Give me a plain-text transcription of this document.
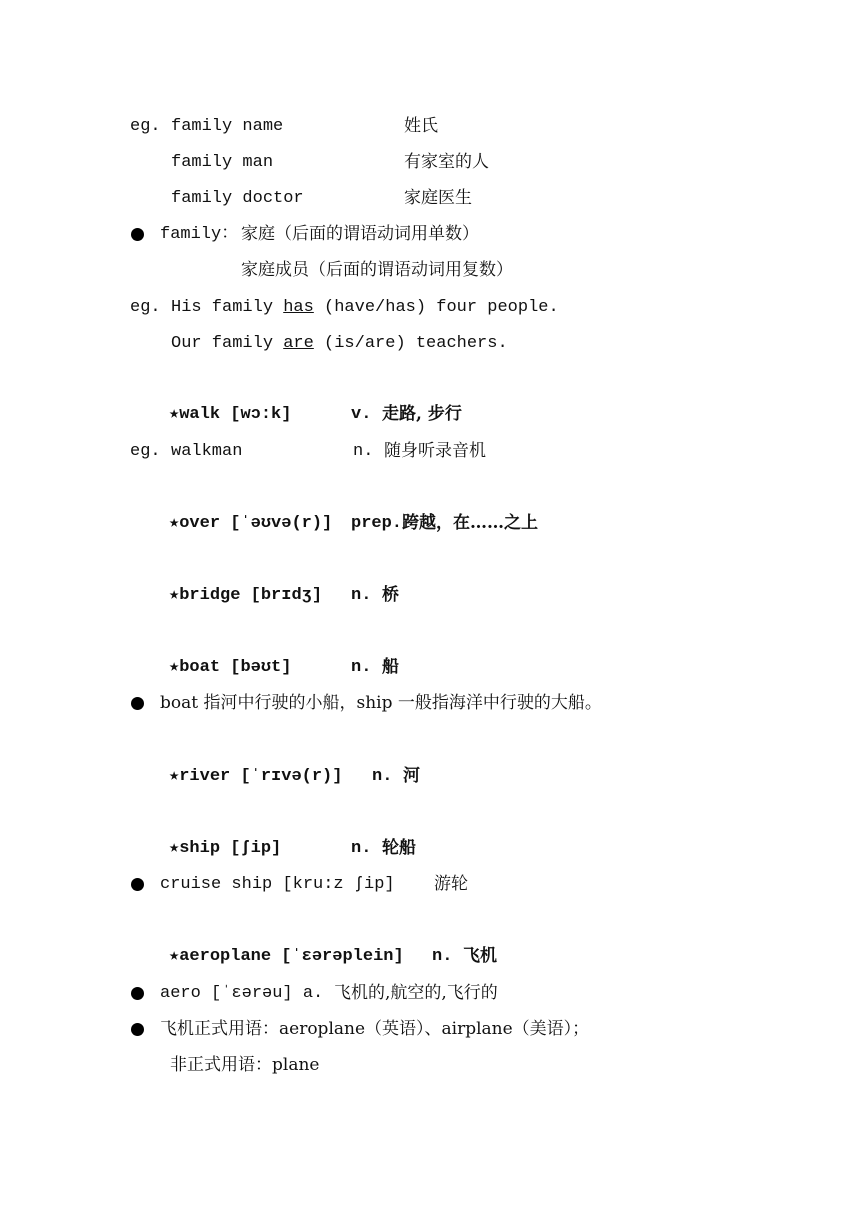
eg. family name	姓氏
family man	有家室的人
family doctor	家庭医生
family： 家庭（后面的谓语动词用单数）
家庭成员（后面的谓语动词用复数）
eg. His family has (have/has) four people.
Our family are (is/are) teachers.
★walk [wɔ:k]	v. 走路, 步行
eg. walkman	n. 随身听录音机
★over [ˈəʊvə(r)] prep. 跨越，在……之上
★bridge [brɪdʒ] n. 桥
★boat [bəʊt]	n. 船
boat 指河中行驶的小船，ship 一般指海洋中行驶的大船。
★river [ˈrɪvə(r)] n. 河
★ship [ʃip]	n. 轮船
cruise ship [kru:z ʃip] 游轮
★aeroplane [ˈɛərəplein] n. 飞机
aero [ˈɛərəu] a. 飞机的,航空的,飞行的
飞机正式用语：aeroplane（英语）、airplane（美语）；
非正式用语：plane
